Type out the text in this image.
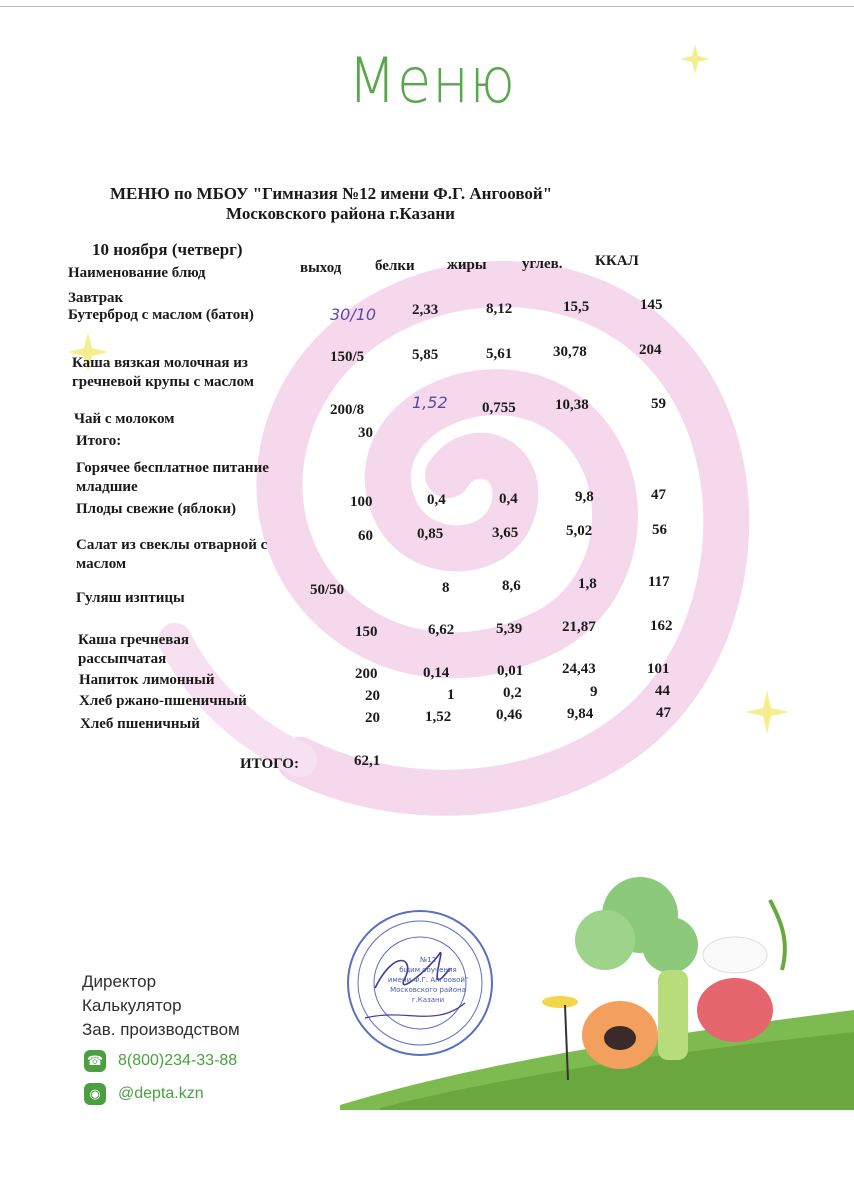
Меню
МЕНЮ по МБОУ "Гимназия №12 имени Ф.Г. Ангоовой"
Московского района г.Казани
10 ноября (четверг)
Наименование блюд	выход белки жиры углев. ККАЛ
Завтрак
Бутерброд с маслом (батон)	30/10 2,33	8,12	15,5	145
Каша вязкая молочная из гречневой крупы с маслом
150/5	5,85	5,61	30,78	204
Чай с молоком
200/8	1,52 0,755	10,38	59
Итого:	30
Горячее бесплатное питание младшие
Плоды свежие (яблоки)	100	0,4	0,4	9,8	47
Салат из свеклы отварной с маслом
60	0,85	3,65	5,02	56
Гуляш изптицы	50/50	8	8,6	1,8	117
Каша гречневая рассыпчатая
150	6,62	5,39	21,87	162
Напиток лимонный	200	0,14	0,01	24,43	101
Хлеб ржано-пшеничный	20	1	0,2	9	44
Хлеб пшеничный	20	1,52	0,46	9,84	47
ИТОГО:	62,1
№12
бщим обучения
имени Ф.Г. Ангоовой"
Московского района
г.Казани
Директор
Калькулятор
Зав. производством
☎ 8(800)234-33-88
◉ @depta.kzn
